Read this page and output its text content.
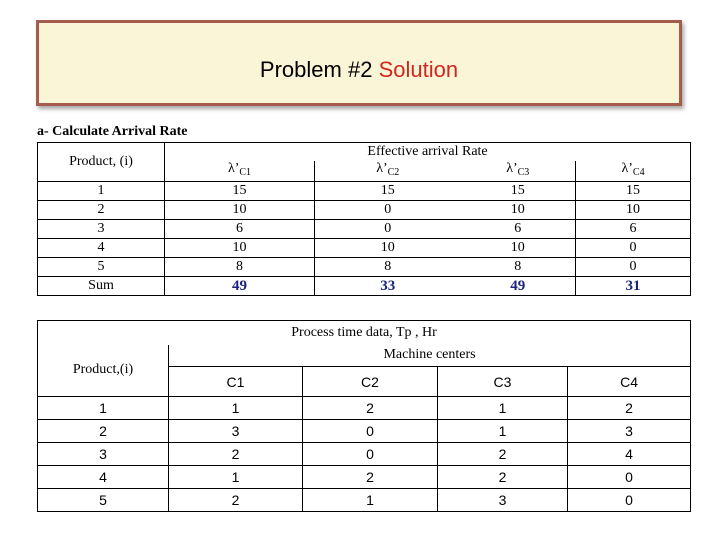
Problem #2 Solution
a- Calculate Arrival Rate
Product, (i)	Effective arrival Rate			
	$\lambda’_{C1}$	$\lambda’_{C2}$	$\lambda’_{C3}$	$\lambda’_{C4}$
1	15	15	15	15
2	10	0	10	10
3	6	0	6	6
4	10	10	10	0
5	8	8	8	0
Sum	49	33	49	31
Process time data, Tp , Hr				
Product,(i)	Machine centers			
	C1	C2	C3	C4
1	1	2	1	2
2	3	0	1	3
3	2	0	2	4
4	1	2	2	0
5	2	1	3	0
